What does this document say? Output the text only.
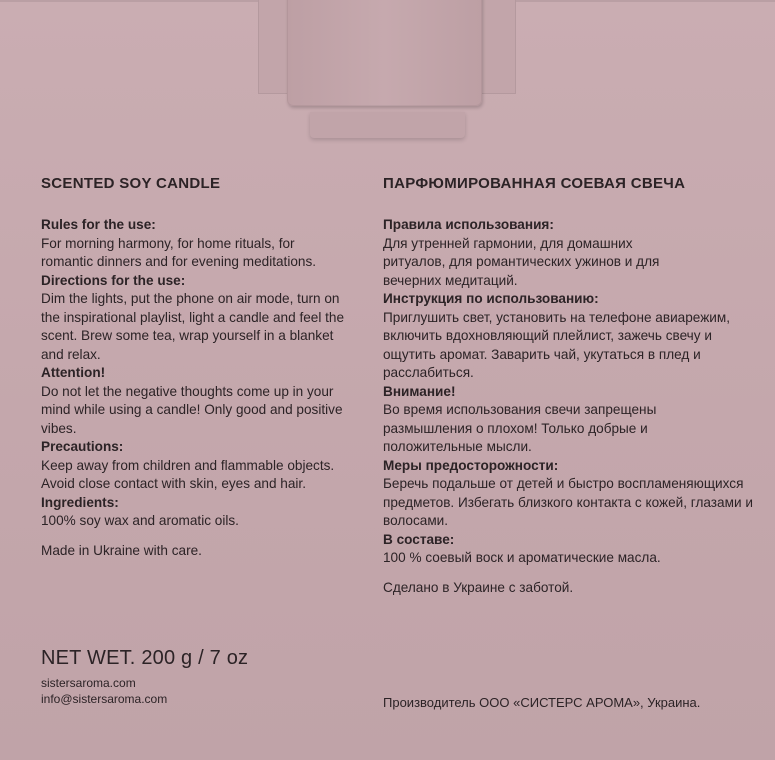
SCENTED SOY CANDLE
Rules for the use:
For morning harmony, for home rituals, for romantic dinners and for evening meditations.
Directions for the use:
Dim the lights, put the phone on air mode, turn on the inspirational playlist, light a candle and feel the scent. Brew some tea, wrap yourself in a blanket and relax.
Attention!
Do not let the negative thoughts come up in your mind while using a candle! Only good and positive vibes.
Precautions:
Keep away from children and flammable objects. Avoid close contact with skin, eyes and hair.
Ingredients:
100% soy wax and aromatic oils.
Made in Ukraine with care.
ПАРФЮМИРОВАННАЯ СОЕВАЯ СВЕЧА
Правила использования:
Для утренней гармонии, для домашних ритуалов, для романтических ужинов и для вечерних медитаций.
Инструкция по использованию:
Приглушить свет, установить на телефоне авиарежим, включить вдохновляющий плейлист, зажечь свечу и ощутить аромат. Заварить чай, укутаться в плед и расслабиться.
Внимание!
Во время использования свечи запрещены размышления о плохом! Только добрые и положительные мысли.
Меры предосторожности:
Беречь подальше от детей и быстро воспламеняющихся предметов. Избегать близкого контакта с кожей, глазами и волосами.
В составе:
100 % соевый воск и ароматические масла.
Сделано в Украине с заботой.
NET WET. 200 g / 7 oz
sistersaroma.com
info@sistersaroma.com	Производитель ООО «СИСТЕРС АРОМА», Украина.
